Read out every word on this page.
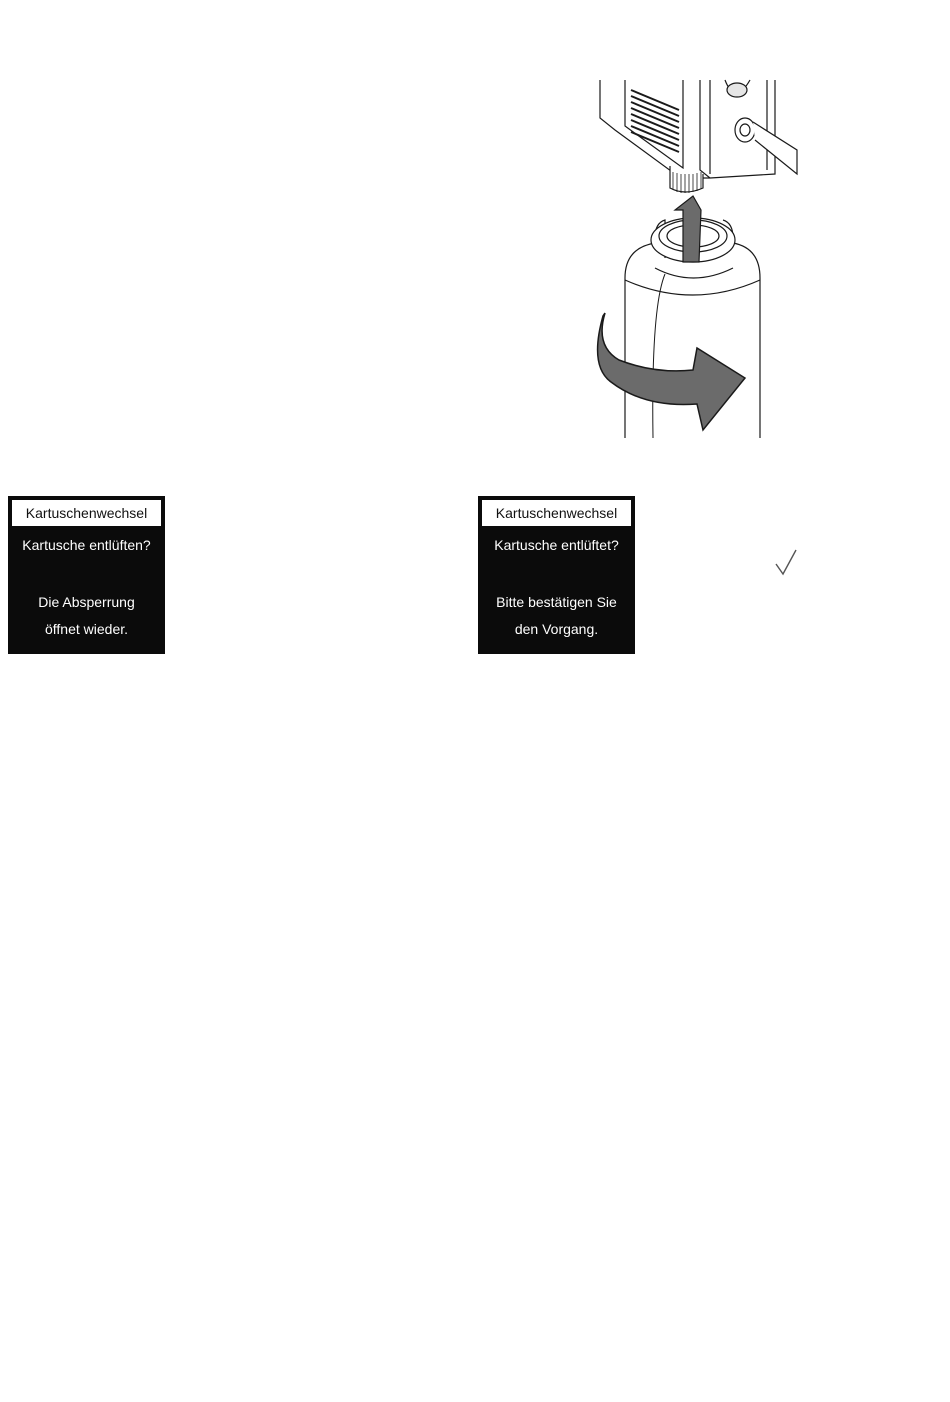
Kartuschenwechsel
Kartusche entlüften?
Die Absperrung
öffnet wieder.
Kartuschenwechsel
Kartusche entlüftet?
Bitte bestätigen Sie
den Vorgang.
